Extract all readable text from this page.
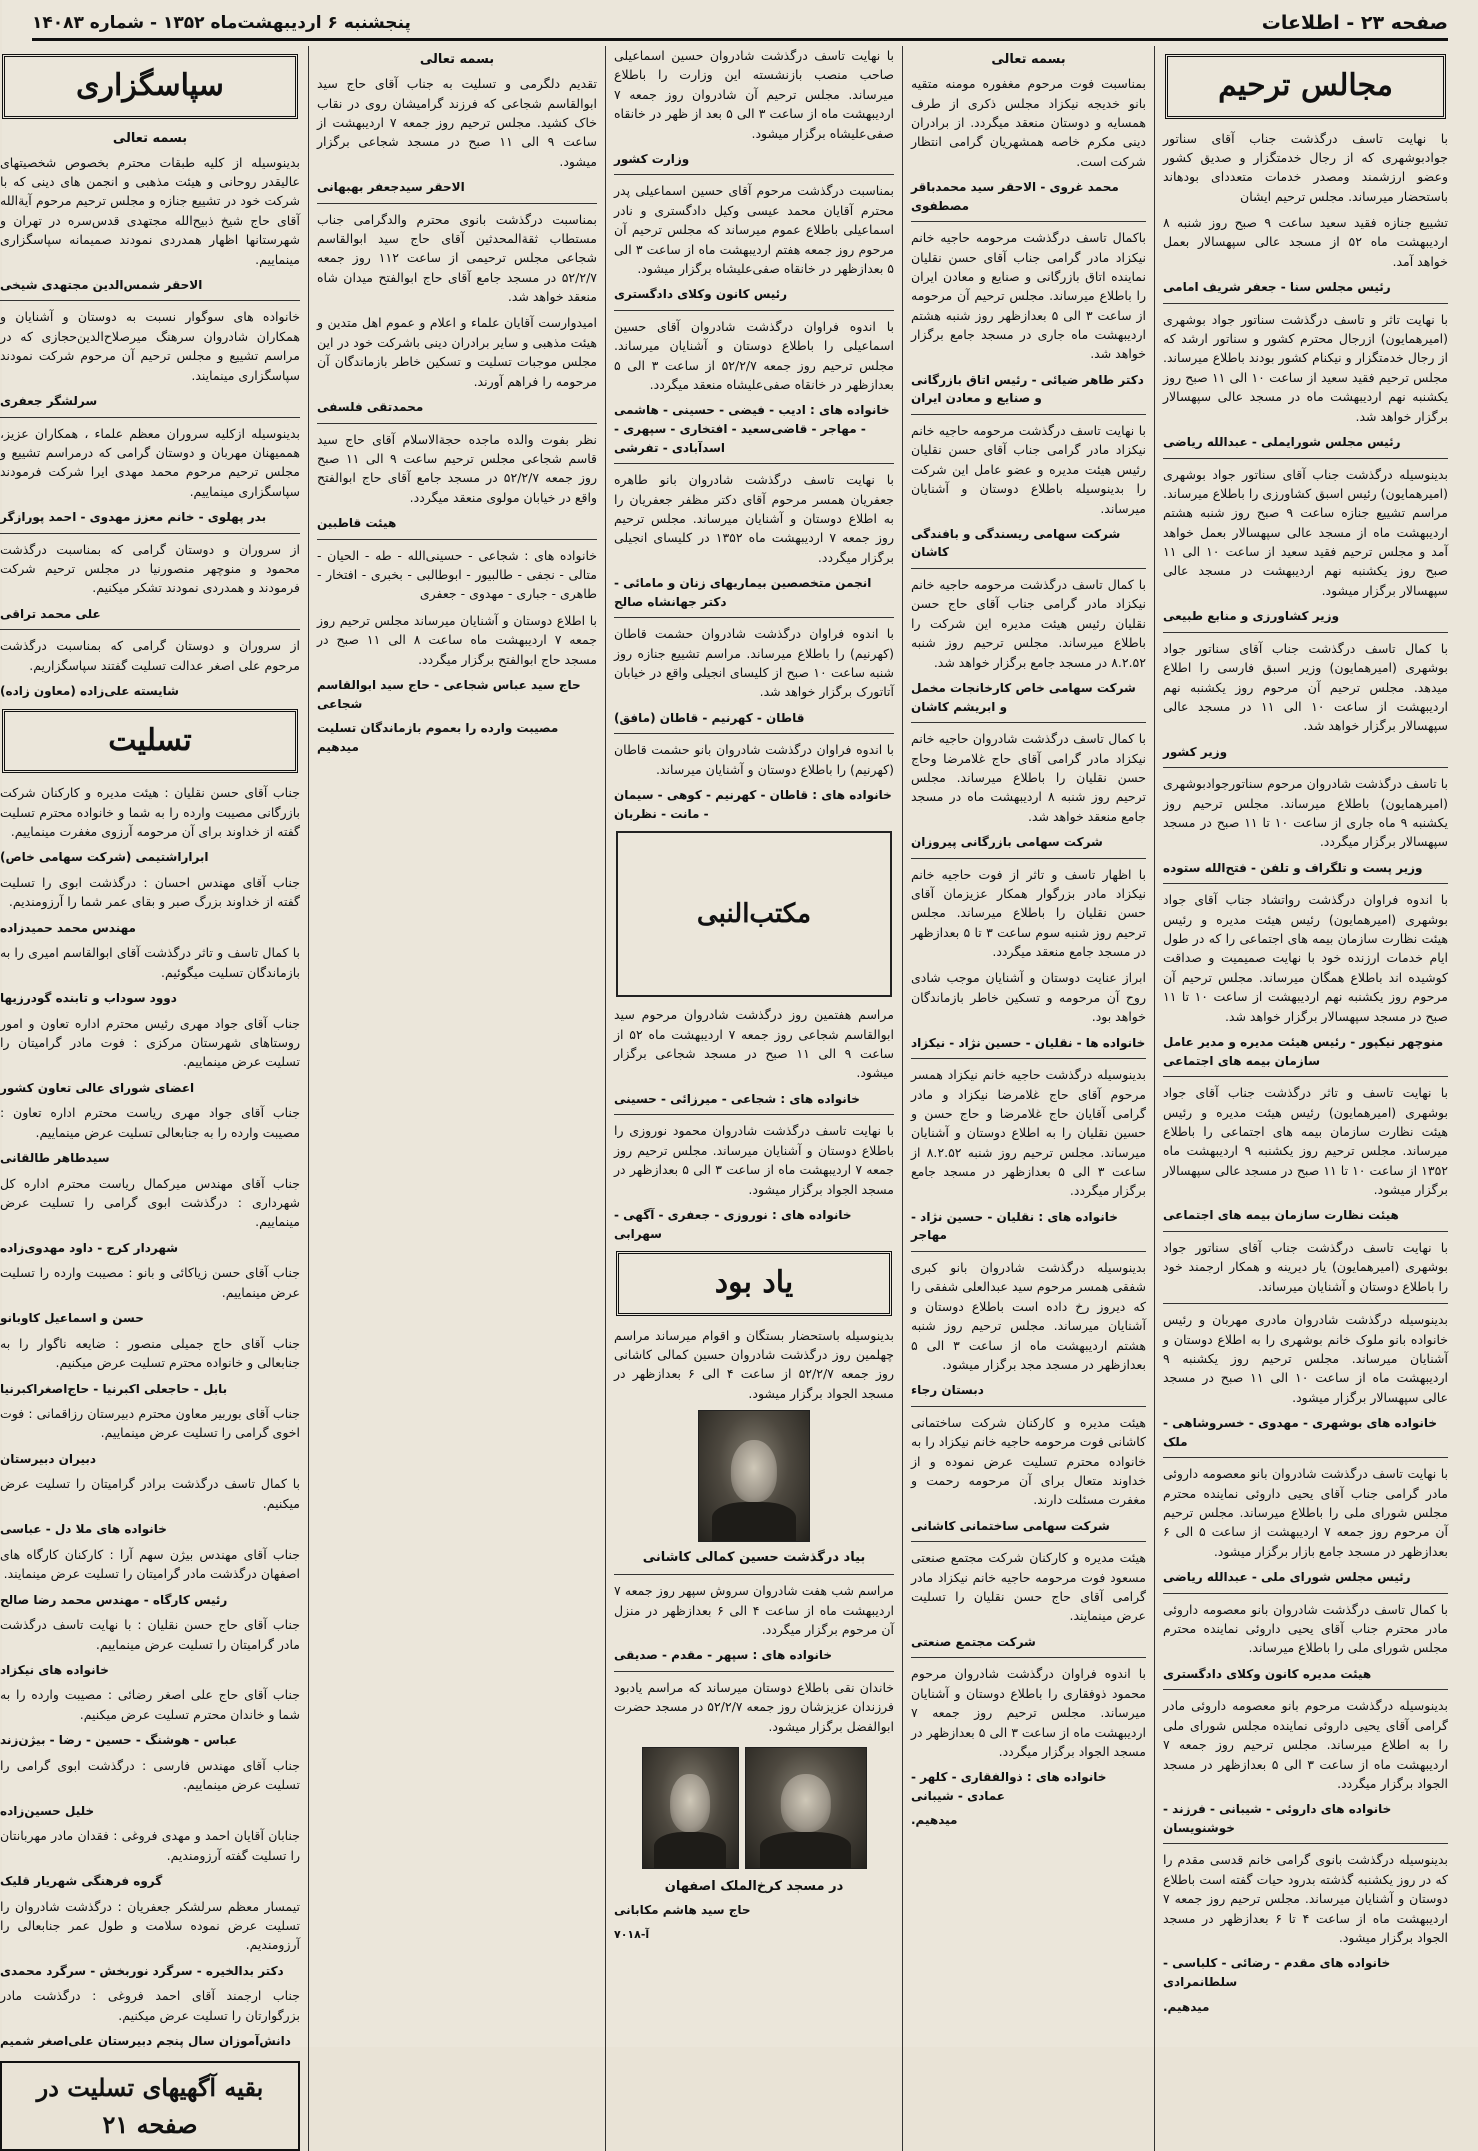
صفحه ۲۳ - اطلاعات
پنجشنبه ۶ اردیبهشت‌ماه ۱۳۵۲ - شماره ۱۴۰۸۳
مجالس ترحیم

با نهایت تاسف درگذشت جناب آقای سناتور جوادبوشهری که از رجال خدمتگزار و صدیق کشور وعضو ارزشمند ومصدر خدمات متعددای بودهاند باستحضار میرساند. مجلس ترحیم ایشان

تشییع جنازه فقید سعید ساعت ۹ صبح روز شنبه ۸ اردیبهشت ماه ۵۲ از مسجد عالی سپهسالار بعمل خواهد آمد.

رئیس مجلس سنا - جعفر شریف امامی

با نهایت تاثر و تاسف درگذشت سناتور جواد بوشهری (امیرهمایون) ازرجال محترم کشور و سناتور ارشد که از رجال خدمتگزار و نیکنام کشور بودند باطلاع میرساند. مجلس ترحیم فقید سعید از ساعت ۱۰ الی ۱۱ صبح روز یکشنبه نهم اردیبهشت ماه در مسجد عالی سپهسالار برگزار خواهد شد.

رئیس مجلس شورایملی - عبدالله ریاضی

بدینوسیله درگذشت جناب آقای سناتور جواد بوشهری (امیرهمایون) رئیس اسبق کشاورزی را باطلاع میرساند. مراسم تشییع جنازه ساعت ۹ صبح روز شنبه هشتم اردیبهشت ماه از مسجد عالی سپهسالار بعمل خواهد آمد و مجلس ترحیم فقید سعید از ساعت ۱۰ الی ۱۱ صبح روز یکشنبه نهم اردیبهشت در مسجد عالی سپهسالار برگزار میشود.

وزیر کشاورزی و منابع طبیعی

با کمال تاسف درگذشت جناب آقای سناتور جواد بوشهری (امیرهمایون) وزیر اسبق فارسی را اطلاع میدهد. مجلس ترحیم آن مرحوم روز یکشنبه نهم اردیبهشت از ساعت ۱۰ الی ۱۱ در مسجد عالی سپهسالار برگزار خواهد شد.

وزیر کشور

با تاسف درگذشت شادروان مرحوم سناتورجوادبوشهری (امیرهمایون) باطلاع میرساند. مجلس ترحیم روز یکشنبه ۹ ماه جاری از ساعت ۱۰ تا ۱۱ صبح در مسجد سپهسالار برگزار میگردد.

وزیر پست و تلگراف و تلفن - فتح‌الله ستوده

با اندوه فراوان درگذشت رواتشاد جناب آقای جواد بوشهری (امیرهمایون) رئیس هیئت مدیره و رئیس هیئت نظارت سازمان بیمه های اجتماعی را که در طول ایام خدمات ارزنده خود با نهایت صمیمیت و صداقت کوشیده اند باطلاع همگان میرساند. مجلس ترحیم آن مرحوم روز یکشنبه نهم اردیبهشت از ساعت ۱۰ تا ۱۱ صبح در مسجد سپهسالار برگزار خواهد شد.

منوچهر نیکپور - رئیس هیئت مدیره و مدیر عامل سازمان بیمه های اجتماعی

با نهایت تاسف و تاثر درگذشت جناب آقای جواد بوشهری (امیرهمایون) رئیس هیئت مدیره و رئیس هیئت نظارت سازمان بیمه های اجتماعی را باطلاع میرساند. مجلس ترحیم روز یکشنبه ۹ اردیبهشت ماه ۱۳۵۲ از ساعت ۱۰ تا ۱۱ صبح در مسجد عالی سپهسالار برگزار میشود.

هیئت نظارت سازمان بیمه های اجتماعی

با نهایت تاسف درگذشت جناب آقای سناتور جواد بوشهری (امیرهمایون) یار دیرینه و همکار ارجمند خود را باطلاع دوستان و آشنایان میرساند.

بدینوسیله درگذشت شادروان مادری مهربان و رئیس خانواده بانو ملوک خانم بوشهری را به اطلاع دوستان و آشنایان میرساند. مجلس ترحیم روز یکشنبه ۹ اردیبهشت ماه از ساعت ۱۰ الی ۱۱ صبح در مسجد عالی سپهسالار برگزار میشود.

خانواده های بوشهری - مهدوی - خسروشاهی - ملک

با نهایت تاسف درگذشت شادروان بانو معصومه داروئی مادر گرامی جناب آقای یحیی داروئی نماینده محترم مجلس شورای ملی را باطلاع میرساند. مجلس ترحیم آن مرحوم روز جمعه ۷ اردیبهشت از ساعت ۵ الی ۶ بعدازظهر در مسجد جامع بازار برگزار میشود.

رئیس مجلس شورای ملی - عبدالله ریاضی

با کمال تاسف درگذشت شادروان بانو معصومه داروئی مادر محترم جناب آقای یحیی داروئی نماینده محترم مجلس شورای ملی را باطلاع میرساند.

هیئت مدیره کانون وکلای دادگستری

بدینوسیله درگذشت مرحوم بانو معصومه داروئی مادر گرامی آقای یحیی داروئی نماینده مجلس شورای ملی را به اطلاع میرساند. مجلس ترحیم روز جمعه ۷ اردیبهشت ماه از ساعت ۳ الی ۵ بعدازظهر در مسجد الجواد برگزار میگردد.

خانواده های داروئی - شیبانی - فرزند - خوشنویسان

بدینوسیله درگذشت بانوی گرامی خانم قدسی مقدم را که در روز یکشنبه گذشته بدرود حیات گفته است باطلاع دوستان و آشنایان میرساند. مجلس ترحیم روز جمعه ۷ اردیبهشت ماه از ساعت ۴ تا ۶ بعدازظهر در مسجد الجواد برگزار میشود.

خانواده های مقدم - رضائی - کلباسی - سلطانمرادی
میدهیم.
بسمه تعالی

بمناسبت فوت مرحوم مغفوره مومنه متقیه بانو خدیجه نیکزاد مجلس ذکری از طرف همسایه و دوستان منعقد میگردد. از برادران دینی مکرم خاصه همشهریان گرامی انتظار شرکت است.

محمد غروی - الاحقر سید محمدباقر مصطفوی

باکمال تاسف درگذشت مرحومه حاجیه خانم نیکزاد مادر گرامی جناب آقای حسن نقلیان نماینده اتاق بازرگانی و صنایع و معادن ایران را باطلاع میرساند. مجلس ترحیم آن مرحومه از ساعت ۳ الی ۵ بعدازظهر روز شنبه هشتم اردیبهشت ماه جاری در مسجد جامع برگزار خواهد شد.

دکتر طاهر ضیائی - رئیس اتاق بازرگانی و صنایع و معادن ایران

با نهایت تاسف درگذشت مرحومه حاجیه خانم نیکزاد مادر گرامی جناب آقای حسن نقلیان رئیس هیئت مدیره و عضو عامل این شرکت را بدینوسیله باطلاع دوستان و آشنایان میرساند.

شرکت سهامی ریسندگی و بافندگی کاشان

با کمال تاسف درگذشت مرحومه حاجیه خانم نیکزاد مادر گرامی جناب آقای حاج حسن نقلیان رئیس هیئت مدیره این شرکت را باطلاع میرساند. مجلس ترحیم روز شنبه ۸.۲.۵۲ در مسجد جامع برگزار خواهد شد.

شرکت سهامی خاص کارخانجات مخمل و ابریشم کاشان

با کمال تاسف درگذشت شادروان حاجیه خانم نیکزاد مادر گرامی آقای حاج غلامرضا وحاج حسن نقلیان را باطلاع میرساند. مجلس ترحیم روز شنبه ۸ اردیبهشت ماه در مسجد جامع منعقد خواهد شد.

شرکت سهامی بازرگانی پیروزان

با اظهار تاسف و تاثر از فوت حاجیه خانم نیکزاد مادر بزرگوار همکار عزیزمان آقای حسن نقلیان را باطلاع میرساند. مجلس ترحیم روز شنبه سوم ساعت ۳ تا ۵ بعدازظهر در مسجد جامع منعقد میگردد.

ابراز عنایت دوستان و آشنایان موجب شادی روح آن مرحومه و تسکین خاطر بازماندگان خواهد بود.

خانواده ها - نقلیان - حسین نژاد - نیکزاد

بدینوسیله درگذشت حاجیه خانم نیکزاد همسر مرحوم آقای حاج غلامرضا نیکزاد و مادر گرامی آقایان حاج غلامرضا و حاج حسن و حسین نقلیان را به اطلاع دوستان و آشنایان میرساند. مجلس ترحیم روز شنبه ۸.۲.۵۲ از ساعت ۳ الی ۵ بعدازظهر در مسجد جامع برگزار میگردد.

خانواده های : نقلیان - حسین نژاد - مهاجر

بدینوسیله درگذشت شادروان بانو کبری شفقی همسر مرحوم سید عبدالعلی شفقی را که دیروز رخ داده است باطلاع دوستان و آشنایان میرساند. مجلس ترحیم روز شنبه هشتم اردیبهشت ماه از ساعت ۳ الی ۵ بعدازظهر در مسجد مجد برگزار میشود.

دبستان رجاء

هیئت مدیره و کارکنان شرکت ساختمانی کاشانی فوت مرحومه حاجیه خانم نیکزاد را به خانواده محترم تسلیت عرض نموده و از خداوند متعال برای آن مرحومه رحمت و مغفرت مسئلت دارند.

شرکت سهامی ساختمانی کاشانی

هیئت مدیره و کارکنان شرکت مجتمع صنعتی مسعود فوت مرحومه حاجیه خانم نیکزاد مادر گرامی آقای حاج حسن نقلیان را تسلیت عرض مینمایند.

شرکت مجتمع صنعتی

با اندوه فراوان درگذشت شادروان مرحوم محمود ذوفقاری را باطلاع دوستان و آشنایان میرساند. مجلس ترحیم روز جمعه ۷ اردیبهشت ماه از ساعت ۳ الی ۵ بعدازظهر در مسجد الجواد برگزار میگردد.

خانواده های : ذوالفقاری - کلهر - عمادی - شیبانی
میدهیم.

با نهایت تاسف درگذشت شادروان حسین اسماعیلی صاحب منصب بازنشسته این وزارت را باطلاع میرساند. مجلس ترحیم آن شادروان روز جمعه ۷ اردیبهشت ماه از ساعت ۳ الی ۵ بعد از ظهر در خانقاه صفی‌علیشاه برگزار میشود.

وزارت کشور

بمناسبت درگذشت مرحوم آقای حسین اسماعیلی پدر محترم آقایان محمد عیسی وکیل دادگستری و نادر اسماعیلی باطلاع عموم میرساند که مجلس ترحیم آن مرحوم روز جمعه هفتم اردیبهشت ماه از ساعت ۳ الی ۵ بعدازظهر در خانقاه صفی‌علیشاه برگزار میشود.

رئیس کانون وکلای دادگستری

با اندوه فراوان درگذشت شادروان آقای حسین اسماعیلی را باطلاع دوستان و آشنایان میرساند. مجلس ترحیم روز جمعه ۵۲/۲/۷ از ساعت ۳ الی ۵ بعدازظهر در خانقاه صفی‌علیشاه منعقد میگردد.

خانواده های : ادیب - فیضی - حسینی - هاشمی - مهاجر - قاضی‌سعید - افتخاری - سپهری - اسدآبادی - تفرشی

با نهایت تاسف درگذشت شادروان بانو طاهره جعفریان همسر مرحوم آقای دکتر مظفر جعفریان را به اطلاع دوستان و آشنایان میرساند. مجلس ترحیم روز جمعه ۷ اردیبهشت ماه ۱۳۵۲ در کلیسای انجیلی برگزار میگردد.

انجمن متخصصین بیماریهای زنان و مامائی - دکتر جهانشاه صالح

با اندوه فراوان درگذشت شادروان حشمت قاطان (کهرنیم) را باطلاع میرساند. مراسم تشییع جنازه روز شنبه ساعت ۱۰ صبح از کلیسای انجیلی واقع در خیابان آتاتورک برگزار خواهد شد.

قاطان - کهرنیم - قاطان (مافق)

با اندوه فراوان درگذشت شادروان بانو حشمت قاطان (کهرنیم) را باطلاع دوستان و آشنایان میرساند.

خانواده های : قاطان - کهرنیم - کوهی - سیمان - مانت - نظربان
مکتب‌النبی

مراسم هفتمین روز درگذشت شادروان مرحوم سید ابوالقاسم شجاعی روز جمعه ۷ اردیبهشت ماه ۵۲ از ساعت ۹ الی ۱۱ صبح در مسجد شجاعی برگزار میشود.

خانواده های : شجاعی - میرزائی - حسینی

با نهایت تاسف درگذشت شادروان محمود نوروزی را باطلاع دوستان و آشنایان میرساند. مجلس ترحیم روز جمعه ۷ اردیبهشت ماه از ساعت ۳ الی ۵ بعدازظهر در مسجد الجواد برگزار میشود.

خانواده های : نوروزی - جعفری - آگهی - سهرابی
یاد بود

بدینوسیله باستحضار بستگان و اقوام میرساند مراسم چهلمین روز درگذشت شادروان حسین کمالی کاشانی روز جمعه ۵۲/۲/۷ از ساعت ۴ الی ۶ بعدازظهر در مسجد الجواد برگزار میشود.

بیاد درگذشت حسین کمالی کاشانی

مراسم شب هفت شادروان سروش سپهر روز جمعه ۷ اردیبهشت ماه از ساعت ۴ الی ۶ بعدازظهر در منزل آن مرحوم برگزار میگردد.

خانواده های : سپهر - مقدم - صدیقی

خاندان نقی باطلاع دوستان میرساند که مراسم یادبود فرزندان عزیزشان روز جمعه ۵۲/۲/۷ در مسجد حضرت ابوالفضل برگزار میشود.

در مسجد کرخ‌الملک اصفهان
حاج سید هاشم مکابانی
آ-۷۰۱۸
بسمه تعالی

تقدیم دلگرمی و تسلیت به جناب آقای حاج سید ابوالقاسم شجاعی که فرزند گرامیشان روی در نقاب خاک کشید. مجلس ترحیم روز جمعه ۷ اردیبهشت از ساعت ۹ الی ۱۱ صبح در مسجد شجاعی برگزار میشود.

الاحقر سیدجعفر بهبهانی

بمناسبت درگذشت بانوی محترم والدگرامی جناب مستطاب ثقةالمحدثین آقای حاج سید ابوالقاسم شجاعی مجلس ترحیمی از ساعت ۱۱۲ روز جمعه ۵۲/۲/۷ در مسجد جامع آقای حاج ابوالفتح میدان شاه منعقد خواهد شد.

امیدوارست آقایان علماء و اعلام و عموم اهل متدین و هیئت مذهبی و سایر برادران دینی باشرکت خود در این مجلس موجبات تسلیت و تسکین خاطر بازماندگان آن مرحومه را فراهم آورند.

محمدتقی فلسفی

نظر بفوت والده ماجده حجةالاسلام آقای حاج سید قاسم شجاعی مجلس ترحیم ساعت ۹ الی ۱۱ صبح روز جمعه ۵۲/۲/۷ در مسجد جامع آقای حاج ابوالفتح واقع در خیابان مولوی منعقد میگردد.

هیئت قاطبین

خانواده های : شجاعی - حسینی‌الله - طه - الحیان - متالی - نجفی - طالبیور - ابوطالبی - بخبری - افتخار - طاهری - جباری - مهدوی - جعفری

با اطلاع دوستان و آشنایان میرساند مجلس ترحیم روز جمعه ۷ اردیبهشت ماه ساعت ۸ الی ۱۱ صبح در مسجد حاج ابوالفتح برگزار میگردد.

حاج سید عباس شجاعی - حاج سید ابوالقاسم شجاعی
مصیبت وارده را بعموم بازماندگان تسلیت میدهیم
سپاسگزاری
بسمه تعالی

بدینوسیله از کلیه طبقات محترم بخصوص شخصیتهای عالیقدر روحانی و هیئت مذهبی و انجمن های دینی که با شرکت خود در تشییع جنازه و مجلس ترحیم مرحوم آیةالله آقای حاج شیخ ذبیح‌الله مجتهدی قدس‌سره در تهران و شهرستانها اظهار همدردی نمودند صمیمانه سپاسگزاری مینماییم.

الاحقر شمس‌الدین مجتهدی شیخی

خانواده های سوگوار نسبت به دوستان و آشنایان و همکاران شادروان سرهنگ میرصلاح‌الدین‌حجازی که در مراسم تشییع و مجلس ترحیم آن مرحوم شرکت نمودند سپاسگزاری مینمایند.

سرلشگر جعفری

بدینوسیله ازکلیه سروران معظم علماء ، همکاران عزیز، هممیهنان مهربان و دوستان گرامی که درمراسم تشییع و مجلس ترحیم مرحوم محمد مهدی ایرا شرکت فرمودند سپاسگزاری مینماییم.

بدر پهلوی - خانم معزز مهدوی - احمد پورازگر

از سروران و دوستان گرامی که بمناسبت درگذشت محمود و منوچهر منصورنیا در مجلس ترحیم شرکت فرمودند و همدردی نمودند تشکر میکنیم.

علی محمد تراقی

از سروران و دوستان گرامی که بمناسبت درگذشت مرحوم علی اصغر عدالت تسلیت گفتند سپاسگزاریم.

شایسته علی‌زاده (معاون زاده)
تسلیت

جناب آقای حسن نقلیان : هیئت مدیره و کارکنان شرکت بازرگانی مصیبت وارده را به شما و خانواده محترم تسلیت گفته از خداوند برای آن مرحومه آرزوی مغفرت مینماییم.

ابراراشتیمی (شرکت سهامی خاص)

جناب آقای مهندس احسان : درگذشت ابوی را تسلیت گفته از خداوند بزرگ صبر و بقای عمر شما را آرزومندیم.

مهندس محمد حمیدزاده

با کمال تاسف و تاثر درگذشت آقای ابوالقاسم امیری را به بازماندگان تسلیت میگوئیم.

دوود سوداب و تابنده گودرزیها

جناب آقای جواد مهری رئیس محترم اداره تعاون و امور روستاهای شهرستان مرکزی : فوت مادر گرامیتان را تسلیت عرض مینماییم.

اعضای شورای عالی تعاون کشور

جناب آقای جواد مهری ریاست محترم اداره تعاون : مصیبت وارده را به جنابعالی تسلیت عرض مینماییم.

سیدطاهر طالقانی

جناب آقای مهندس میرکمال ریاست محترم اداره کل شهرداری : درگذشت ابوی گرامی را تسلیت عرض مینماییم.

شهردار کرج - داود مهدوی‌زاده

جناب آقای حسن زیاکائی و بانو : مصیبت وارده را تسلیت عرض مینماییم.

حسن و اسماعیل کاوبانو

جناب آقای حاج جمیلی منصور : ضایعه ناگوار را به جنابعالی و خانواده محترم تسلیت عرض میکنیم.

بابل - حاجعلی اکبرنیا - حاج‌اصغراکبرنیا

جناب آقای بوربیر معاون محترم دبیرستان رزاقمانی : فوت اخوی گرامی را تسلیت عرض مینماییم.

دبیران دبیرستان

با کمال تاسف درگذشت برادر گرامیتان را تسلیت عرض میکنیم.

خانواده های ملا دل - عباسی

جناب آقای مهندس بیژن سهم آرا : کارکنان کارگاه های اصفهان درگذشت مادر گرامیتان را تسلیت عرض مینمایند.

رئیس کارگاه - مهندس محمد رضا صالح

جناب آقای حاج حسن نقلیان : با نهایت تاسف درگذشت مادر گرامیتان را تسلیت عرض مینماییم.

خانواده های نیکزاد

جناب آقای حاج علی اصغر رضائی : مصیبت وارده را به شما و خاندان محترم تسلیت عرض میکنیم.

عباس - هوشنگ - حسین - رضا - بیژن‌زند

جناب آقای مهندس فارسی : درگذشت ابوی گرامی را تسلیت عرض مینماییم.

خلیل حسین‌زاده

جنابان آقایان احمد و مهدی فروغی : فقدان مادر مهربانتان را تسلیت گفته آرزومندیم.

گروه فرهنگی شهریار قلیک

تیمسار معظم سرلشکر جعفریان : درگذشت شادروان را تسلیت عرض نموده سلامت و طول عمر جنابعالی را آرزومندیم.

دکتر بدالخیره - سرگرد نوربخش - سرگرد محمدی

جناب ارجمند آقای احمد فروغی : درگذشت مادر بزرگوارتان را تسلیت عرض میکنیم.

دانش‌آموزان سال پنجم دبیرستان علی‌اصغر شمیم
بقیه آگهیهای تسلیت در صفحه ۲۱
